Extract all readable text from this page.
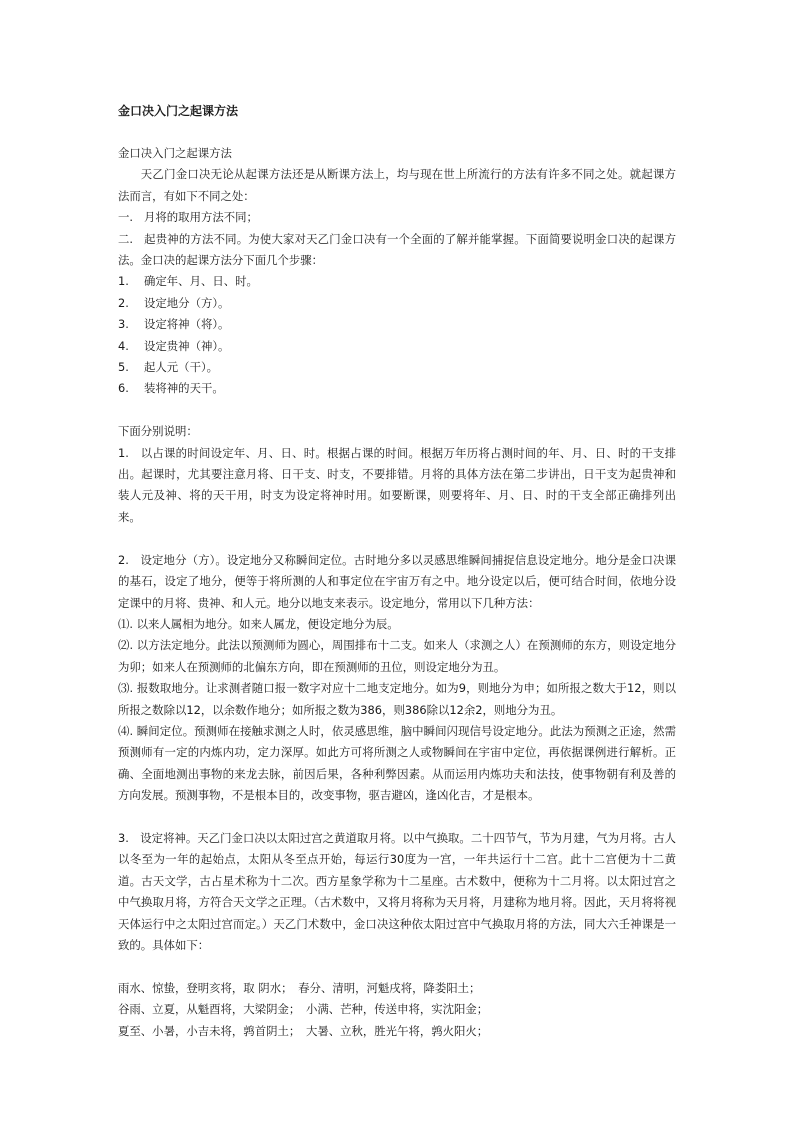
金口决入门之起课方法

金口决入门之起课方法

天乙门金口决无论从起课方法还是从断课方法上，均与现在世上所流行的方法有许多不同之处。就起课方法而言，有如下不同之处：

一. 月将的取用方法不同；

二. 起贵神的方法不同。为使大家对天乙门金口决有一个全面的了解并能掌握。下面简要说明金口决的起课方法。金口决的起课方法分下面几个步骤：

1. 确定年、月、日、时。

2. 设定地分（方）。

3. 设定将神（将）。

4. 设定贵神（神）。

5. 起人元（干）。

6. 装将神的天干。

下面分别说明：

1.　以占课的时间设定年、月、日、时。根据占课的时间。根据万年历将占测时间的年、月、日、时的干支排出。起课时，尤其要注意月将、日干支、时支，不要排错。月将的具体方法在第二步讲出，日干支为起贵神和装人元及神、将的天干用，时支为设定将神时用。如要断课，则要将年、月、日、时的干支全部正确排列出来。

2.　设定地分（方）。设定地分又称瞬间定位。古时地分多以灵感思维瞬间捕捉信息设定地分。地分是金口决课的基石，设定了地分，便等于将所测的人和事定位在宇宙万有之中。地分设定以后，便可结合时间，依地分设定课中的月将、贵神、和人元。地分以地支来表示。设定地分，常用以下几种方法：

⑴. 以来人属相为地分。如来人属龙，便设定地分为辰。

⑵. 以方法定地分。此法以预测师为圆心，周围排布十二支。如来人（求测之人）在预测师的东方，则设定地分为卯；如来人在预测师的北偏东方向，即在预测师的丑位，则设定地分为丑。

⑶. 报数取地分。让求测者随口报一数字对应十二地支定地分。如为9，则地分为申；如所报之数大于12，则以所报之数除以12，以余数作地分；如所报之数为386，则386除以12余2，则地分为丑。

⑷. 瞬间定位。预测师在接触求测之人时，依灵感思维，脑中瞬间闪现信号设定地分。此法为预测之正途，然需预测师有一定的内炼内功，定力深厚。如此方可将所测之人或物瞬间在宇宙中定位，再依据课例进行解析。正确、全面地测出事物的来龙去脉，前因后果，各种利弊因素。从而运用内炼功夫和法技，使事物朝有利及善的方向发展。预测事物，不是根本目的，改变事物，驱吉避凶，逢凶化吉，才是根本。

3.　设定将神。天乙门金口决以太阳过宫之黄道取月将。以中气换取。二十四节气，节为月建，气为月将。古人以冬至为一年的起始点，太阳从冬至点开始，每运行30度为一宫，一年共运行十二宫。此十二宫便为十二黄道。古天文学，古占星术称为十二次。西方星象学称为十二星座。古术数中，便称为十二月将。以太阳过宫之中气换取月将，方符合天文学之正理。（古术数中，又将月将称为天月将，月建称为地月将。因此，天月将将视天体运行中之太阳过宫而定。）天乙门术数中，金口决这种依太阳过宫中气换取月将的方法，同大六壬神课是一致的。具体如下：

雨水、惊蛰，登明亥将，取 阴水；　春分、清明，河魁戌将，降娄阳土；

谷雨、立夏，从魁酉将，大梁阴金；　小满、芒种，传送申将，实沈阳金；

夏至、小暑，小吉未将，鹑首阴土；　大暑、立秋，胜光午将，鹑火阳火；
